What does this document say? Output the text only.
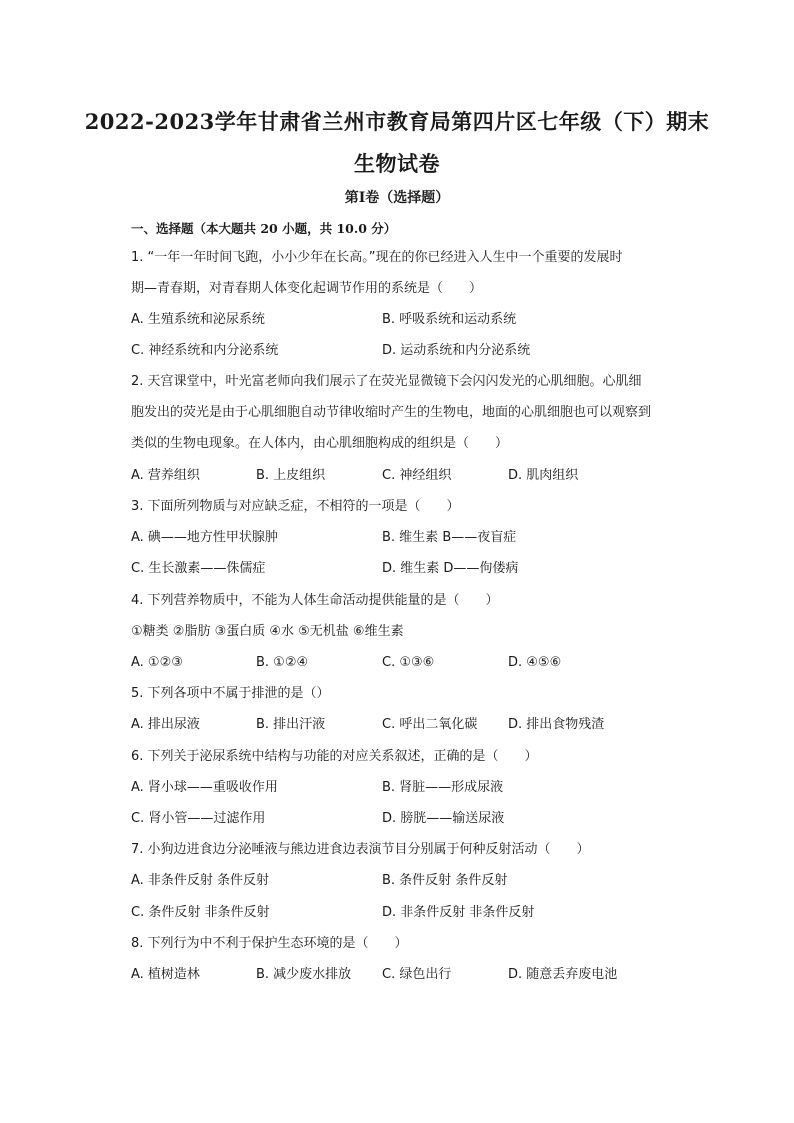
2022-2023学年甘肃省兰州市教育局第四片区七年级（下）期末
生物试卷
第Ⅰ卷（选择题）
一、选择题（本大题共 20 小题，共 10.0 分）
1. “一年一年时间飞跑，小小少年在长高。”现在的你已经进入人生中一个重要的发展时
期—青春期，对青春期人体变化起调节作用的系统是（　　）
A. 生殖系统和泌尿系统	B. 呼吸系统和运动系统
C. 神经系统和内分泌系统	D. 运动系统和内分泌系统
2. 天宫课堂中，叶光富老师向我们展示了在荧光显微镜下会闪闪发光的心肌细胞。心肌细
胞发出的荧光是由于心肌细胞自动节律收缩时产生的生物电，地面的心肌细胞也可以观察到
类似的生物电现象。在人体内，由心肌细胞构成的组织是（　　）
A. 营养组织	B. 上皮组织	C. 神经组织	D. 肌肉组织
3. 下面所列物质与对应缺乏症，不相符的一项是（　　）
A. 碘——地方性甲状腺肿	B. 维生素 B——夜盲症
C. 生长激素——侏儒症	D. 维生素 D——佝偻病
4. 下列营养物质中，不能为人体生命活动提供能量的是（　　）
①糖类 ②脂肪 ③蛋白质 ④水 ⑤无机盐 ⑥维生素
A. ①②③	B. ①②④	C. ①③⑥	D. ④⑤⑥
5. 下列各项中不属于排泄的是（）
A. 排出尿液	B. 排出汗液	C. 呼出二氧化碳 D. 排出食物残渣
6. 下列关于泌尿系统中结构与功能的对应关系叙述，正确的是（　　）
A. 肾小球——重吸收作用	B. 肾脏——形成尿液
C. 肾小管——过滤作用	D. 膀胱——输送尿液
7. 小狗边进食边分泌唾液与熊边进食边表演节目分别属于何种反射活动（　　）
A. 非条件反射 条件反射	B. 条件反射 条件反射
C. 条件反射 非条件反射	D. 非条件反射 非条件反射
8. 下列行为中不利于保护生态环境的是（　　）
A. 植树造林	B. 减少废水排放 C. 绿色出行	D. 随意丢弃废电池
